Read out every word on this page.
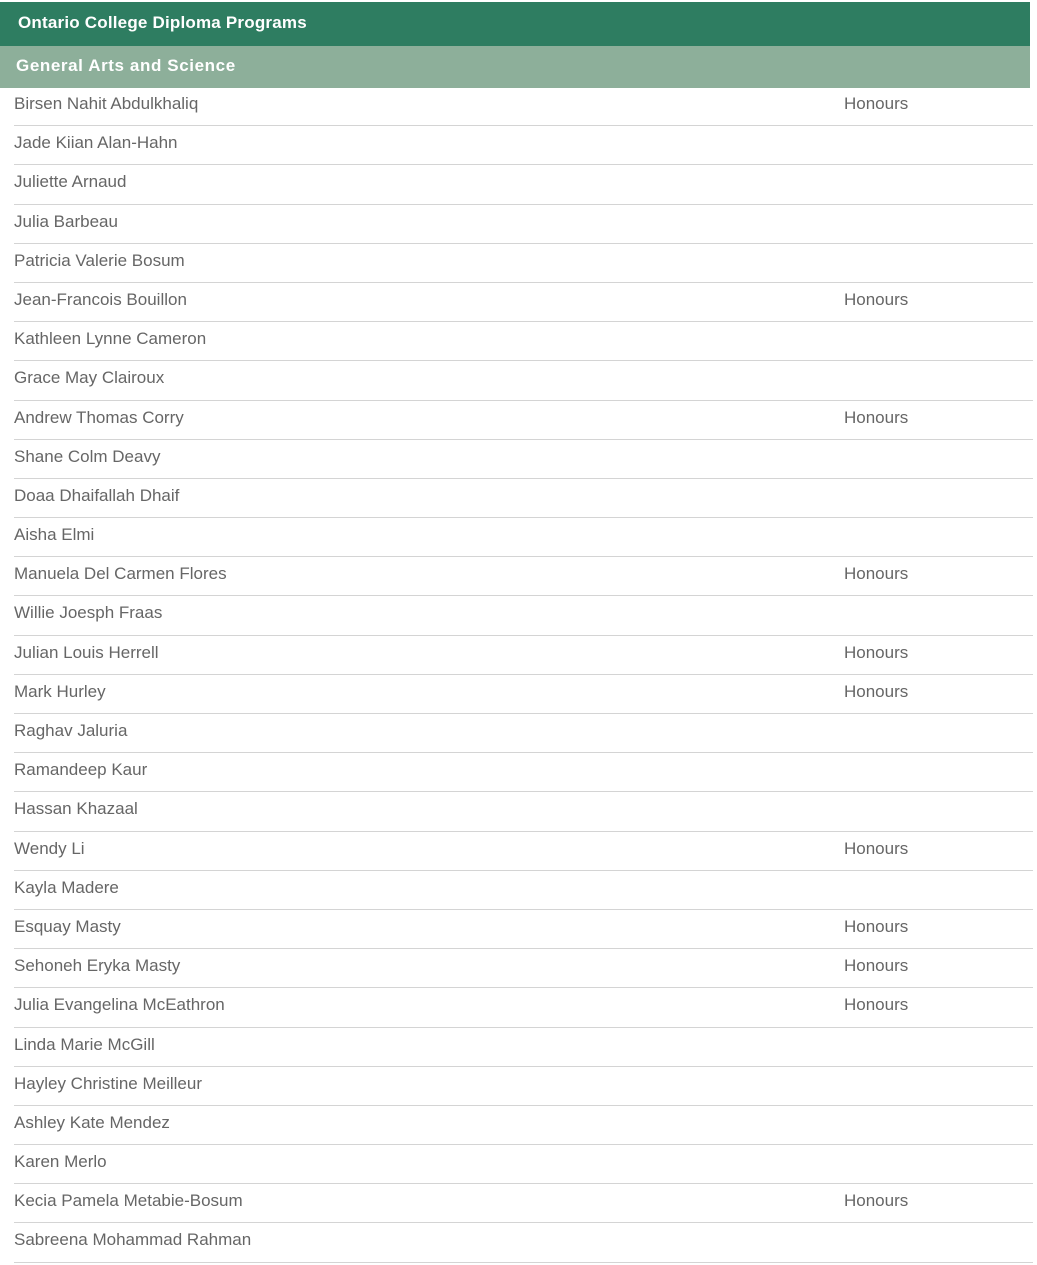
Ontario College Diploma Programs
General Arts and Science
Birsen Nahit Abdulkhaliq	Honours
Jade Kiian Alan-Hahn
Juliette Arnaud
Julia Barbeau
Patricia Valerie Bosum
Jean-Francois Bouillon	Honours
Kathleen Lynne Cameron
Grace May Clairoux
Andrew Thomas Corry	Honours
Shane Colm Deavy
Doaa Dhaifallah Dhaif
Aisha Elmi
Manuela Del Carmen Flores	Honours
Willie Joesph Fraas
Julian Louis Herrell	Honours
Mark Hurley	Honours
Raghav Jaluria
Ramandeep Kaur
Hassan Khazaal
Wendy Li	Honours
Kayla Madere
Esquay Masty	Honours
Sehoneh Eryka Masty	Honours
Julia Evangelina McEathron	Honours
Linda Marie McGill
Hayley Christine Meilleur
Ashley Kate Mendez
Karen Merlo
Kecia Pamela Metabie-Bosum	Honours
Sabreena Mohammad Rahman
